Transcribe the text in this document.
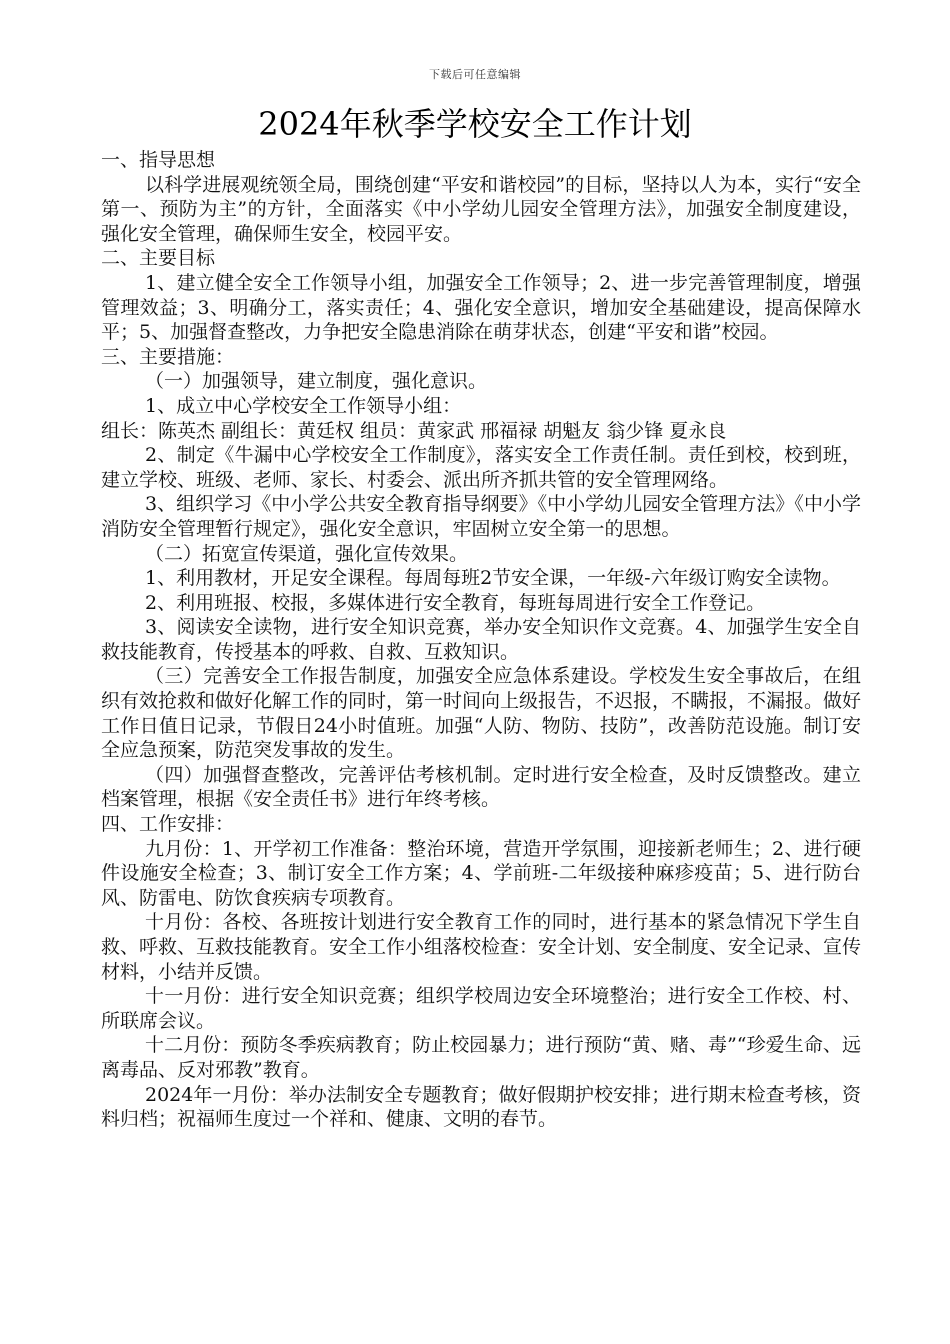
下载后可任意编辑
2024年秋季学校安全工作计划

一、指导思想

以科学进展观统领全局，围绕创建“平安和谐校园”的目标，坚持以人为本，实行“安全第一、预防为主”的方针，全面落实《中小学幼儿园安全管理方法》，加强安全制度建设，强化安全管理，确保师生安全，校园平安。

二、主要目标

1、建立健全安全工作领导小组，加强安全工作领导；2、进一步完善管理制度，增强管理效益；3、明确分工，落实责任；4、强化安全意识，增加安全基础建设，提高保障水平；5、加强督查整改，力争把安全隐患消除在萌芽状态，创建“平安和谐”校园。

三、主要措施：

（一）加强领导，建立制度，强化意识。

1、成立中心学校安全工作领导小组：

组长：陈英杰 副组长：黄廷权 组员：黄家武 邢福禄 胡魁友 翁少锋 夏永良

2、制定《牛漏中心学校安全工作制度》，落实安全工作责任制。责任到校，校到班，建立学校、班级、老师、家长、村委会、派出所齐抓共管的安全管理网络。

3、组织学习《中小学公共安全教育指导纲要》《中小学幼儿园安全管理方法》《中小学消防安全管理暂行规定》，强化安全意识，牢固树立安全第一的思想。

（二）拓宽宣传渠道，强化宣传效果。

1、利用教材，开足安全课程。每周每班2节安全课，一年级-六年级订购安全读物。

2、利用班报、校报，多媒体进行安全教育，每班每周进行安全工作登记。

3、阅读安全读物，进行安全知识竞赛，举办安全知识作文竞赛。4、加强学生安全自救技能教育，传授基本的呼救、自救、互救知识。

（三）完善安全工作报告制度，加强安全应急体系建设。学校发生安全事故后，在组织有效抢救和做好化解工作的同时，第一时间向上级报告，不迟报，不瞒报，不漏报。做好工作日值日记录，节假日24小时值班。加强“人防、物防、技防”，改善防范设施。制订安全应急预案，防范突发事故的发生。

（四）加强督查整改，完善评估考核机制。定时进行安全检查，及时反馈整改。建立档案管理，根据《安全责任书》进行年终考核。

四、工作安排：

九月份：1、开学初工作准备：整治环境，营造开学氛围，迎接新老师生；2、进行硬件设施安全检查；3、制订安全工作方案；4、学前班-二年级接种麻疹疫苗；5、进行防台风、防雷电、防饮食疾病专项教育。

十月份：各校、各班按计划进行安全教育工作的同时，进行基本的紧急情况下学生自救、呼救、互救技能教育。安全工作小组落校检查：安全计划、安全制度、安全记录、宣传材料，小结并反馈。

十一月份：进行安全知识竞赛；组织学校周边安全环境整治；进行安全工作校、村、所联席会议。

十二月份：预防冬季疾病教育；防止校园暴力；进行预防“黄、赌、毒”“珍爱生命、远离毒品、反对邪教”教育。

2024年一月份：举办法制安全专题教育；做好假期护校安排；进行期末检查考核，资料归档；祝福师生度过一个祥和、健康、文明的春节。
